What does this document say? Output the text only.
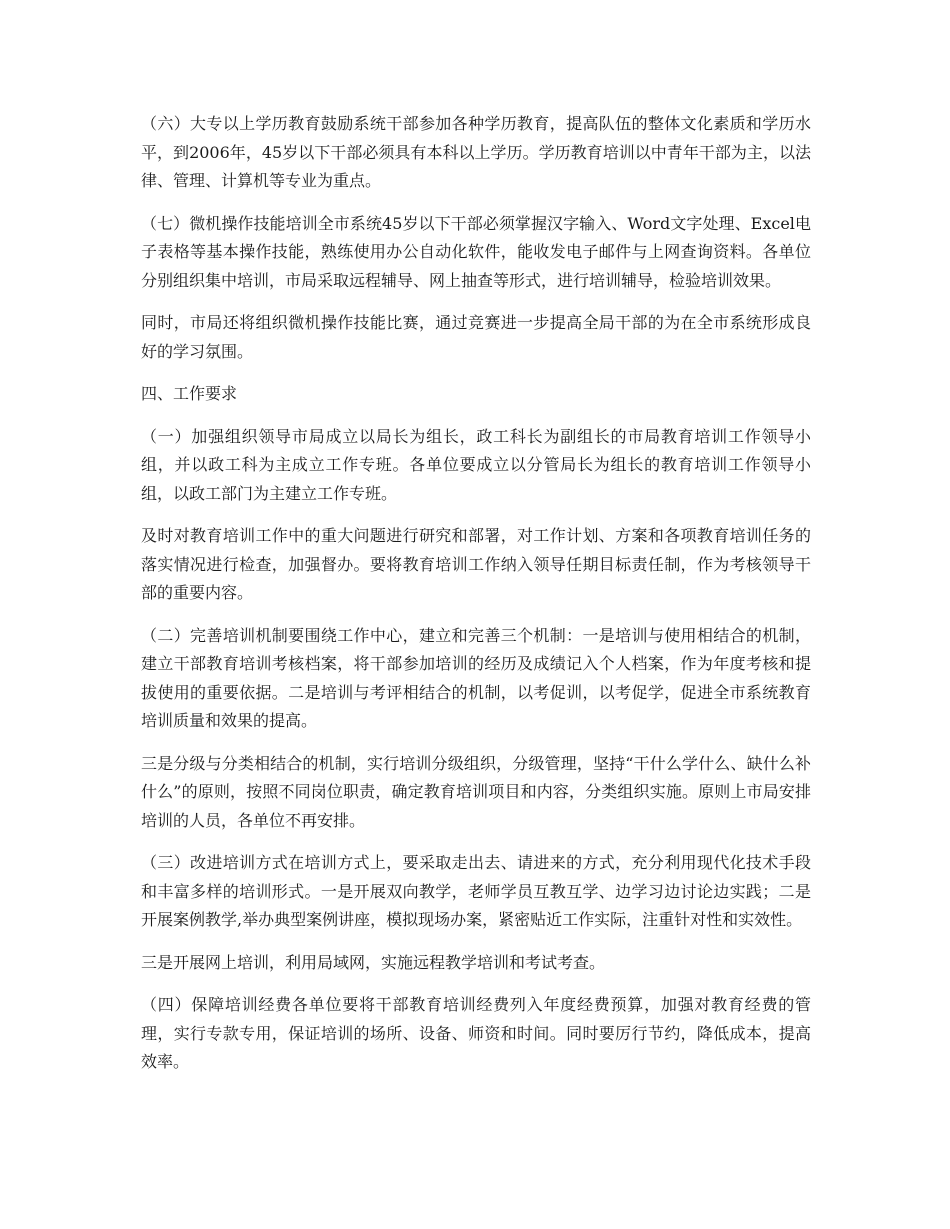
（六）大专以上学历教育鼓励系统干部参加各种学历教育，提高队伍的整体文化素质和学历水平，到2006年，45岁以下干部必须具有本科以上学历。学历教育培训以中青年干部为主，以法律、管理、计算机等专业为重点。

（七）微机操作技能培训全市系统45岁以下干部必须掌握汉字输入、Word文字处理、Excel电子表格等基本操作技能，熟练使用办公自动化软件，能收发电子邮件与上网查询资料。各单位分别组织集中培训，市局采取远程辅导、网上抽查等形式，进行培训辅导，检验培训效果。

同时，市局还将组织微机操作技能比赛，通过竞赛进一步提高全局干部的为在全市系统形成良好的学习氛围。

四、工作要求

（一）加强组织领导市局成立以局长为组长，政工科长为副组长的市局教育培训工作领导小组，并以政工科为主成立工作专班。各单位要成立以分管局长为组长的教育培训工作领导小组，以政工部门为主建立工作专班。

及时对教育培训工作中的重大问题进行研究和部署，对工作计划、方案和各项教育培训任务的落实情况进行检查，加强督办。要将教育培训工作纳入领导任期目标责任制，作为考核领导干部的重要内容。

（二）完善培训机制要围绕工作中心，建立和完善三个机制：一是培训与使用相结合的机制，建立干部教育培训考核档案，将干部参加培训的经历及成绩记入个人档案，作为年度考核和提拔使用的重要依据。二是培训与考评相结合的机制，以考促训，以考促学，促进全市系统教育培训质量和效果的提高。

三是分级与分类相结合的机制，实行培训分级组织，分级管理，坚持“干什么学什么、缺什么补什么”的原则，按照不同岗位职责，确定教育培训项目和内容，分类组织实施。原则上市局安排培训的人员，各单位不再安排。

（三）改进培训方式在培训方式上，要采取走出去、请进来的方式，充分利用现代化技术手段和丰富多样的培训形式。一是开展双向教学，老师学员互教互学、边学习边讨论边实践；二是开展案例教学,举办典型案例讲座，模拟现场办案，紧密贴近工作实际，注重针对性和实效性。

三是开展网上培训，利用局域网，实施远程教学培训和考试考查。

（四）保障培训经费各单位要将干部教育培训经费列入年度经费预算，加强对教育经费的管理，实行专款专用，保证培训的场所、设备、师资和时间。同时要厉行节约，降低成本，提高效率。
